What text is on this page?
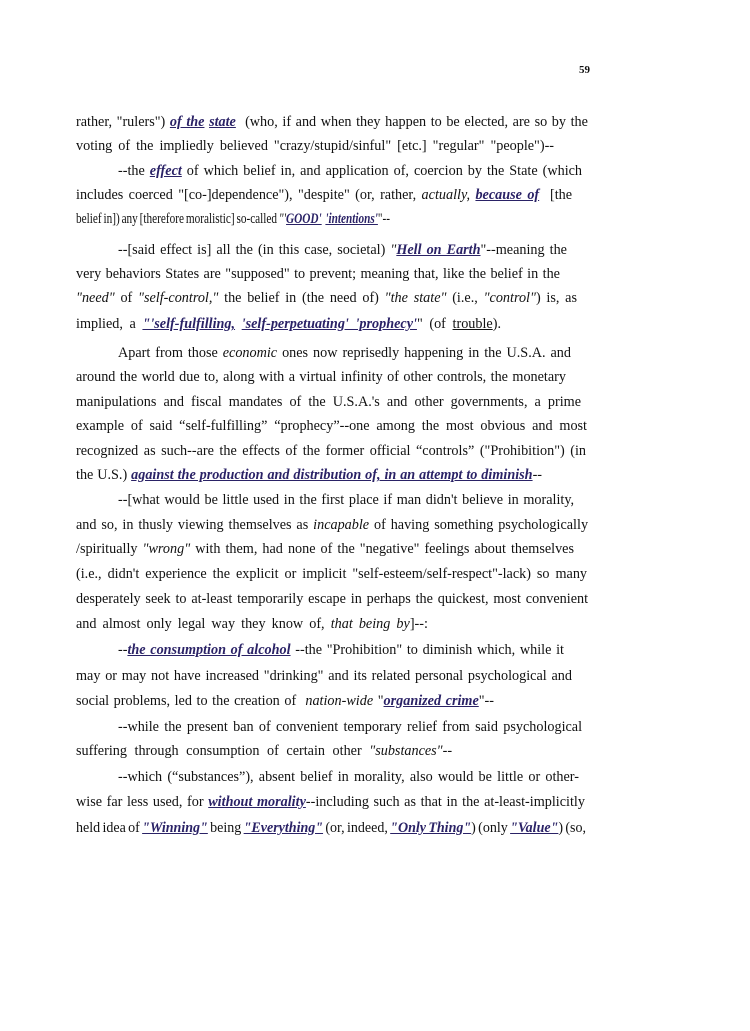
59
rather, "rulers") of the state  (who, if and when they happen to be elected, are so by the
voting of the impliedly believed "crazy/stupid/sinful" [etc.] "regular" "people")--
--the effect of which belief in, and application of, coercion by the State (which
includes coerced "[co-]dependence"), "despite" (or, rather, actually, because of  [the
belief in]) any [therefore moralistic] so-called "'GOOD' 'intentions'"--
--[said effect is] all the (in this case, societal) "Hell on Earth"--meaning the
very behaviors States are "supposed" to prevent; meaning that, like the belief in the
"need" of "self-control," the belief in (the need of) "the state" (i.e., "control") is, as
implied, a "'self-fulfilling, 'self-perpetuating' 'prophecy'" (of trouble).
Apart from those economic ones now reprisedly happening in the U.S.A. and
around the world due to, along with a virtual infinity of other controls, the monetary
manipulations and fiscal mandates of the U.S.A.'s and other governments, a prime
example of said “self-fulfilling” “prophecy”--one among the most obvious and most
recognized as such--are the effects of the former official “controls” ("Prohibition") (in
the U.S.) against the production and distribution of, in an attempt to diminish--
--[what would be little used in the first place if man didn't believe in morality,
and so, in thusly viewing themselves as incapable of having something psychologically
/spiritually "wrong" with them, had none of the "negative" feelings about themselves
(i.e., didn't experience the explicit or implicit "self-esteem/self-respect"-lack) so many
desperately seek to at-least temporarily escape in perhaps the quickest, most convenient
and almost only legal way they know of, that being by]--:
--the consumption of alcohol --the "Prohibition" to diminish which, while it
may or may not have increased "drinking" and its related personal psychological and
social problems, led to the creation of  nation-wide "organized crime"--
--while the present ban of convenient temporary relief from said psychological
suffering through consumption of certain other "substances"--
--which (“substances”), absent belief in morality, also would be little or other-
wise far less used, for without morality--including such as that in the at-least-implicitly
held idea of "Winning" being "Everything" (or, indeed, "Only Thing") (only "Value") (so,
